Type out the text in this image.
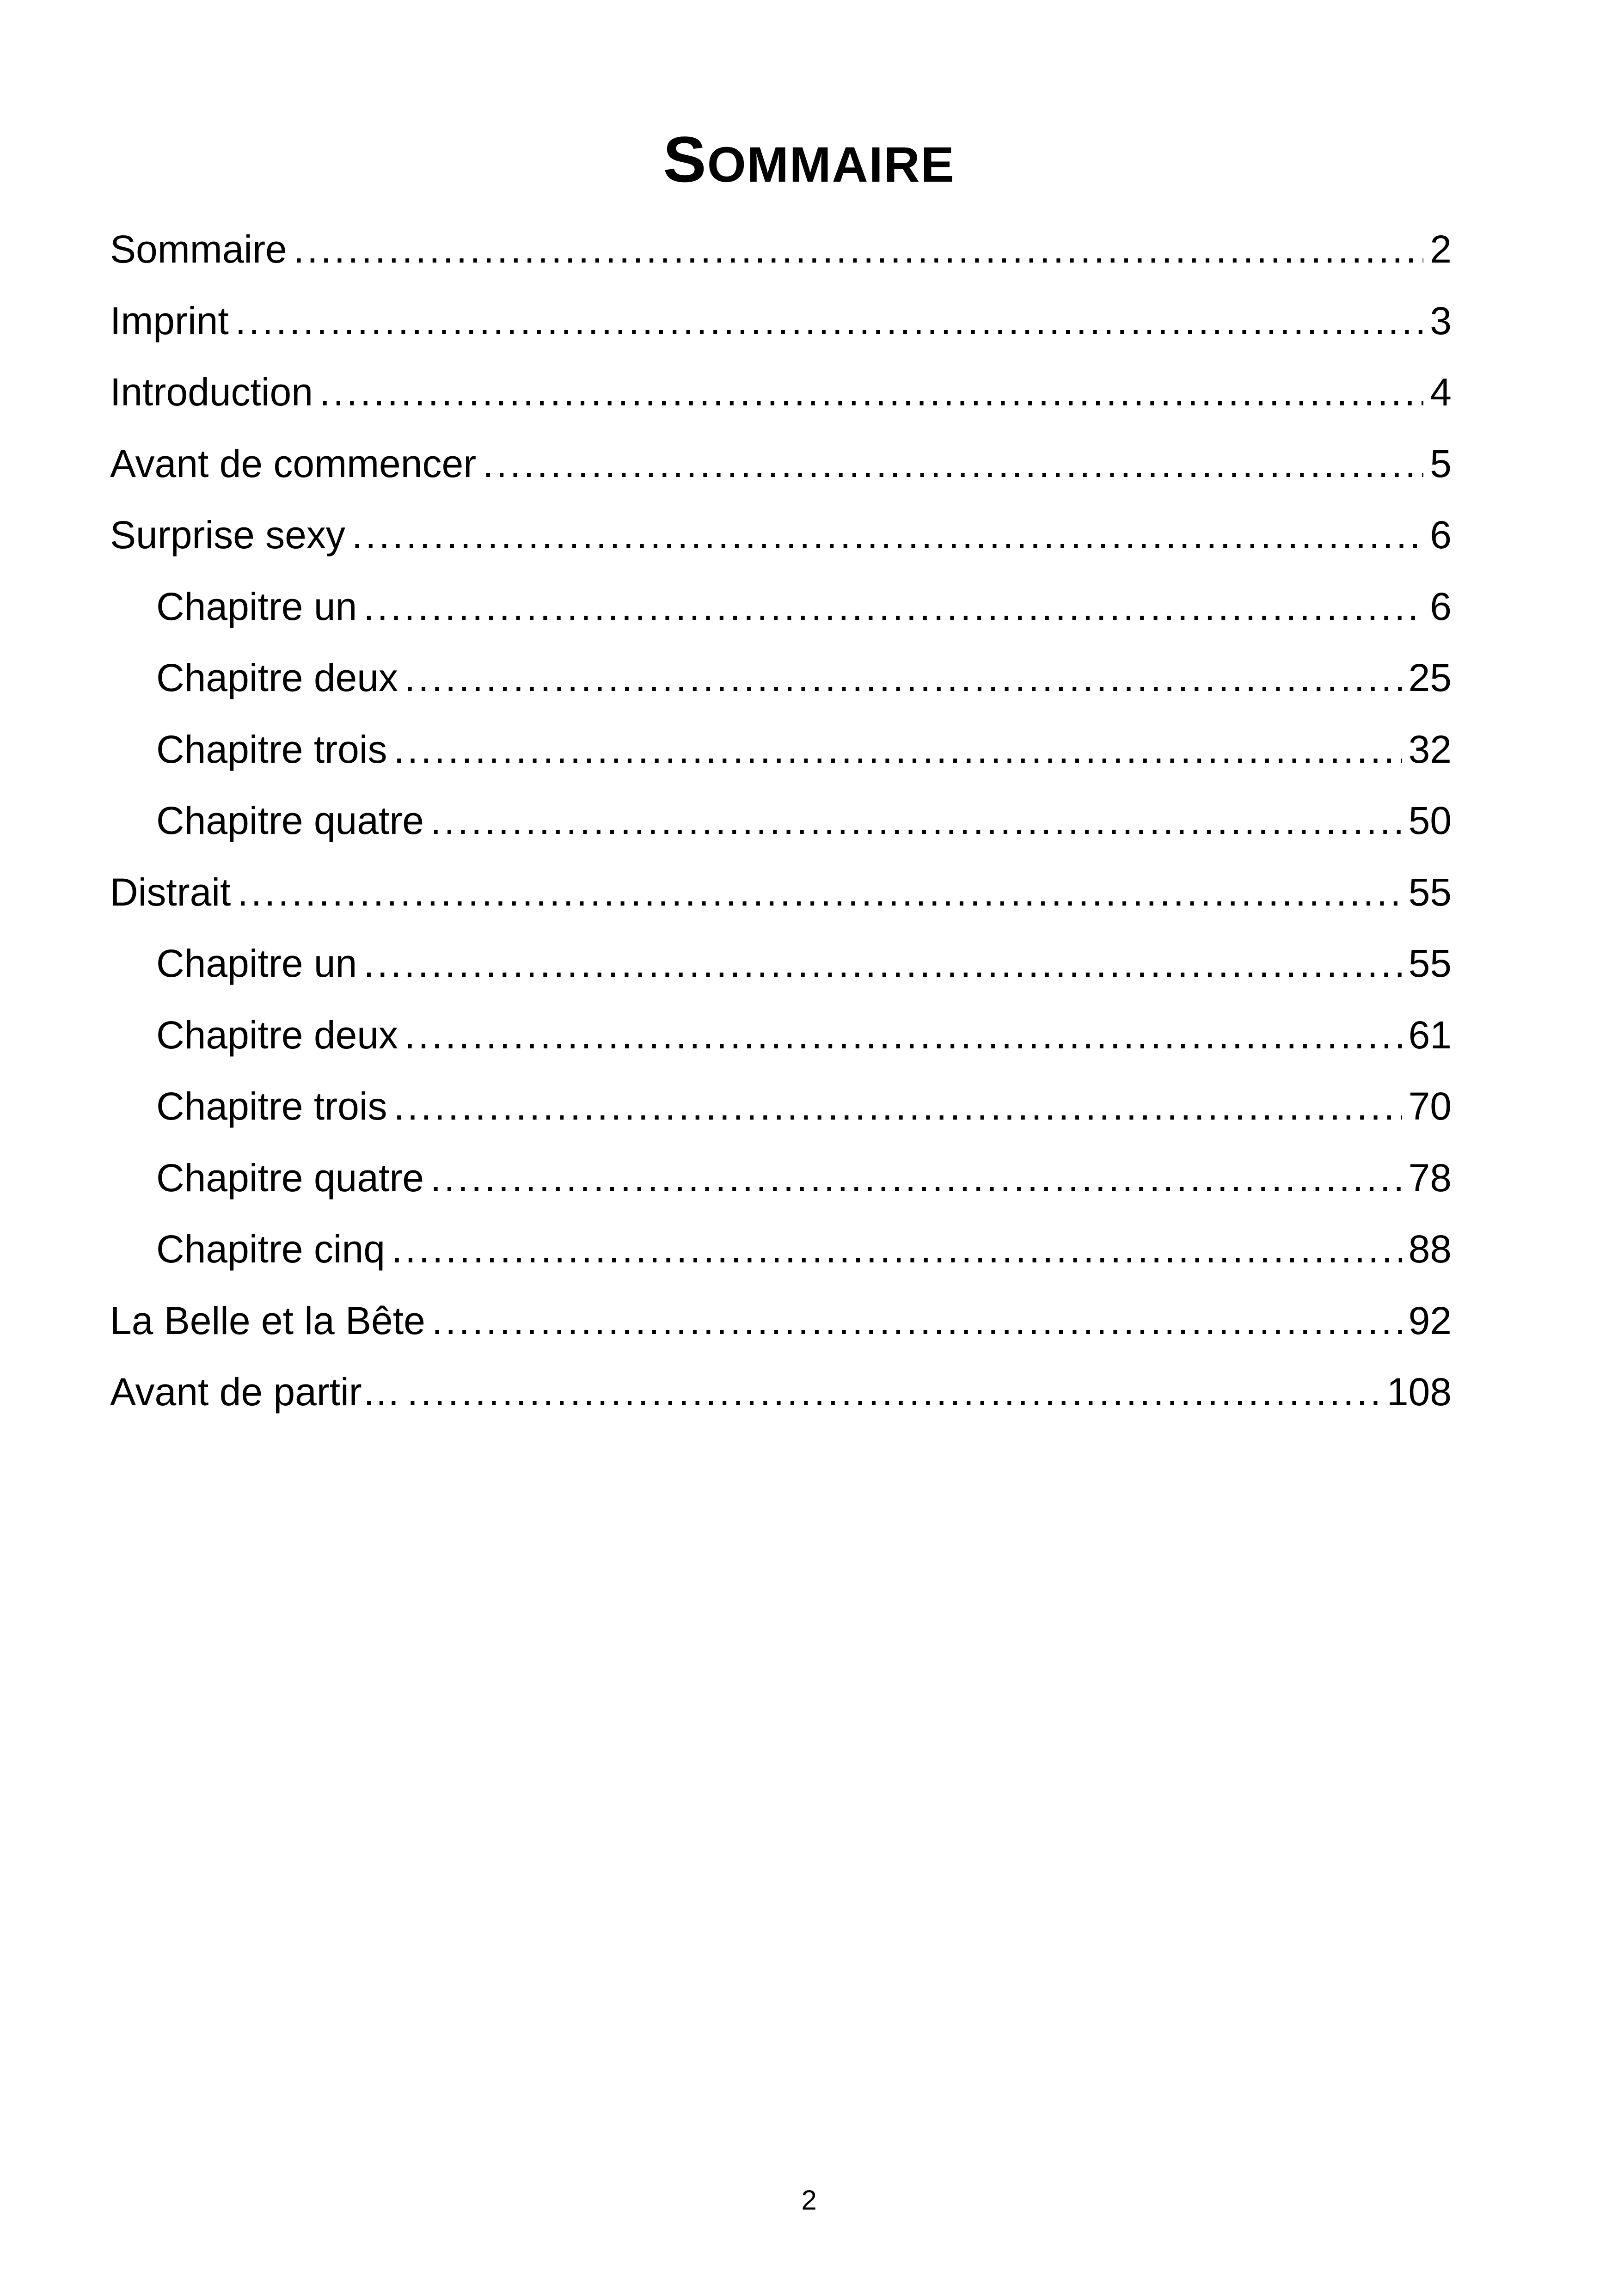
SOMMAIRE
Sommaire .....	2
Imprint .....	3
Introduction .....	4
Avant de commencer .....	5
Surprise sexy .....	6
Chapitre un .....	6
Chapitre deux .....	25
Chapitre trois .....	32
Chapitre quatre .....	50
Distrait .....	55
Chapitre un .....	55
Chapitre deux .....	61
Chapitre trois .....	70
Chapitre quatre .....	78
Chapitre cinq .....	88
La Belle et la Bête .....	92
Avant de partir… .....	108
2
